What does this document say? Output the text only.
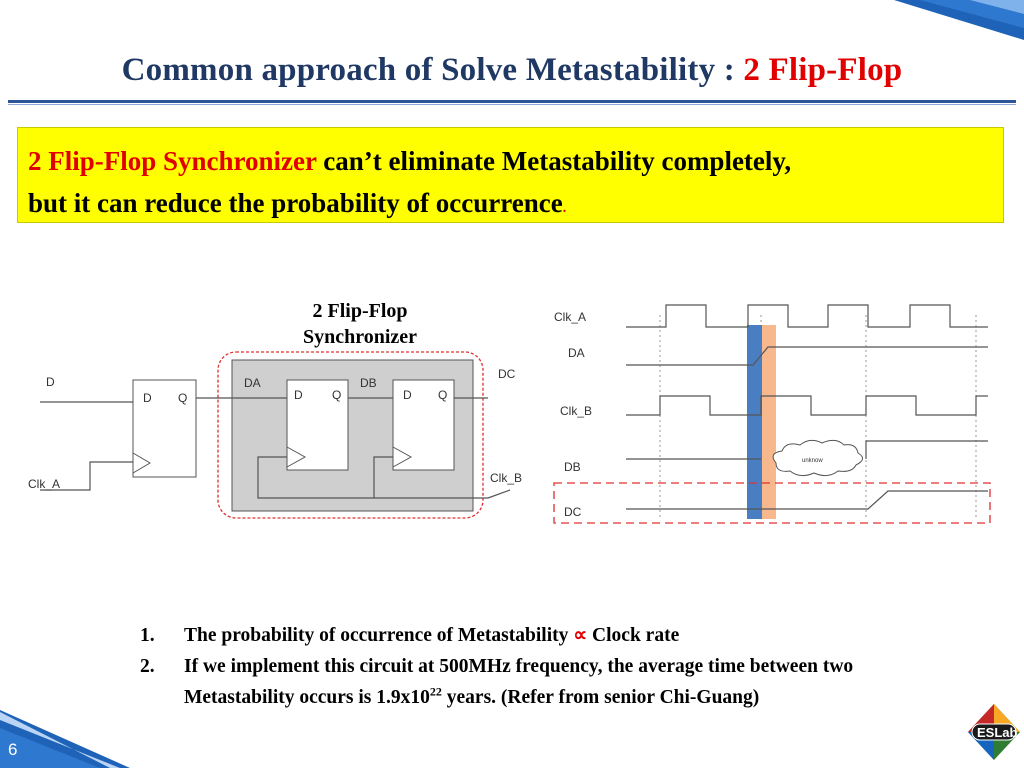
6
Common approach of Solve Metastability : 2 Flip-Flop
2 Flip-Flop Synchronizer can’t eliminate Metastability completely,
but it can reduce the probability of occurrence.
2 Flip-Flop
Synchronizer
D Q	D Q	D Q
D
Clk_A
DA	DB
DC
Clk_B
unknow
Clk_A
DA
Clk_B
DB
DC
1. The probability of occurrence of Metastability ∝ Clock rate
2. If we implement this circuit at 500MHz frequency, the average time between two Metastability occurs is $1.9x10^{22}$ years. (Refer from senior Chi-Guang)
ESLab
